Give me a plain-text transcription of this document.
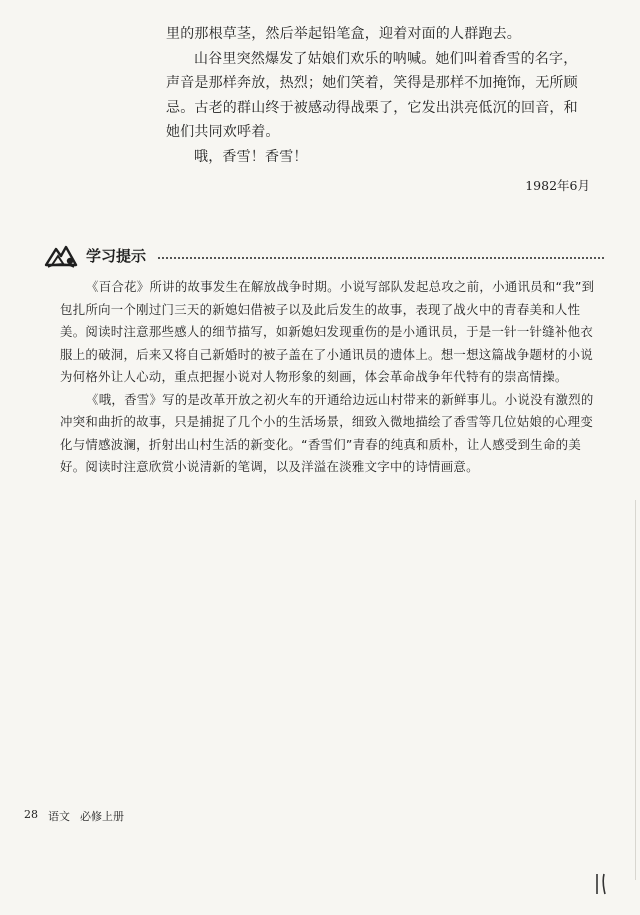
里的那根草茎，然后举起铅笔盒，迎着对面的人群跑去。

山谷里突然爆发了姑娘们欢乐的呐喊。她们叫着香雪的名字，声音是那样奔放，热烈；她们笑着，笑得是那样不加掩饰，无所顾忌。古老的群山终于被感动得战栗了，它发出洪亮低沉的回音，和她们共同欢呼着。

哦，香雪！香雪！

1982年6月
学习提示

《百合花》所讲的故事发生在解放战争时期。小说写部队发起总攻之前，小通讯员和“我”到包扎所向一个刚过门三天的新媳妇借被子以及此后发生的故事，表现了战火中的青春美和人性美。阅读时注意那些感人的细节描写，如新媳妇发现重伤的是小通讯员，于是一针一针缝补他衣服上的破洞，后来又将自己新婚时的被子盖在了小通讯员的遗体上。想一想这篇战争题材的小说为何格外让人心动，重点把握小说对人物形象的刻画，体会革命战争年代特有的崇高情操。

《哦，香雪》写的是改革开放之初火车的开通给边远山村带来的新鲜事儿。小说没有激烈的冲突和曲折的故事，只是捕捉了几个小的生活场景，细致入微地描绘了香雪等几位姑娘的心理变化与情感波澜，折射出山村生活的新变化。“香雪们”青春的纯真和质朴，让人感受到生命的美好。阅读时注意欣赏小说清新的笔调，以及洋溢在淡雅文字中的诗情画意。

28 语文 必修上册
